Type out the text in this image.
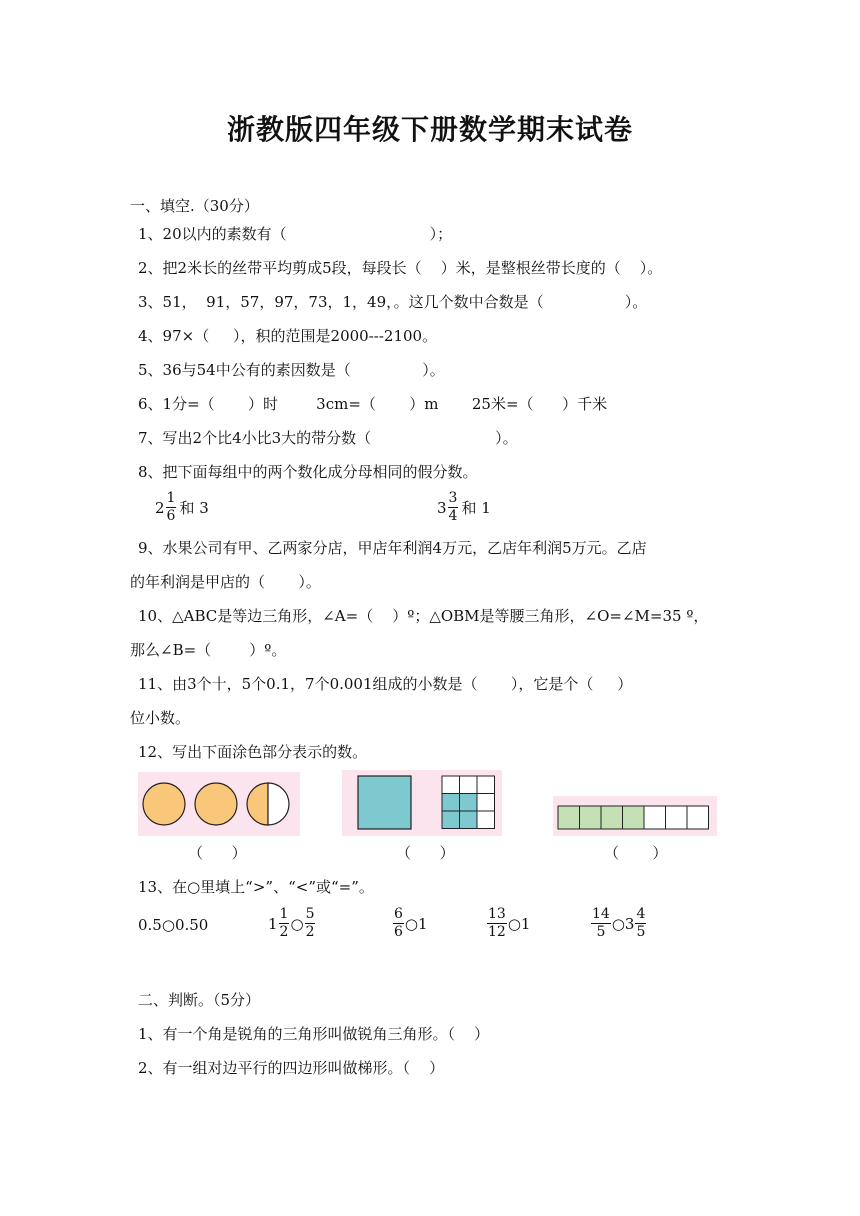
浙教版四年级下册数学期末试卷
一、填空.（30分）
1、20以内的素数有（                              ）；
2、把2米长的丝带平均剪成5段，每段长（    ）米，是整根丝带长度的（    ）。
3、51，  91，57，97，73，1，49，。这几个数中合数是（                 ）。
4、97×（     ），积的范围是2000---2100。
5、36与54中公有的素因数是（               ）。
6、1分=（       ）时        3cm=（       ）m       25米=（      ）千米
7、写出2个比4小比3大的带分数（                          ）。
8、把下面每组中的两个数化成分母相同的假分数。
$2 \frac{1}{6}$ 和 3	$3 \frac{3}{4}$ 和 1
9、水果公司有甲、乙两家分店，甲店年利润4万元，乙店年利润5万元。乙店
的年利润是甲店的（       ）。
10、△ABC是等边三角形，∠A=（    ）º；△OBM是等腰三角形，∠O=∠M=35 º，
那么∠B=（        ）º。
11、由3个十，5个0.1，7个0.001组成的小数是（       ），它是个（     ）
位小数。
12、写出下面涂色部分表示的数。
（      ）	（      ）	（       ）
13、在○里填上“>”、“<”或“=”。
0.5○0.50	$1 \frac{1}{2}$ ○ $\frac{5}{2}$	$\frac{6}{6}$ ○1	$\frac{13}{12}$ ○1	$\frac{14}{5}$ ○3 $\frac{4}{5}$
二、判断。（5分）
1、有一个角是锐角的三角形叫做锐角三角形。（    ）
2、有一组对边平行的四边形叫做梯形。（    ）
